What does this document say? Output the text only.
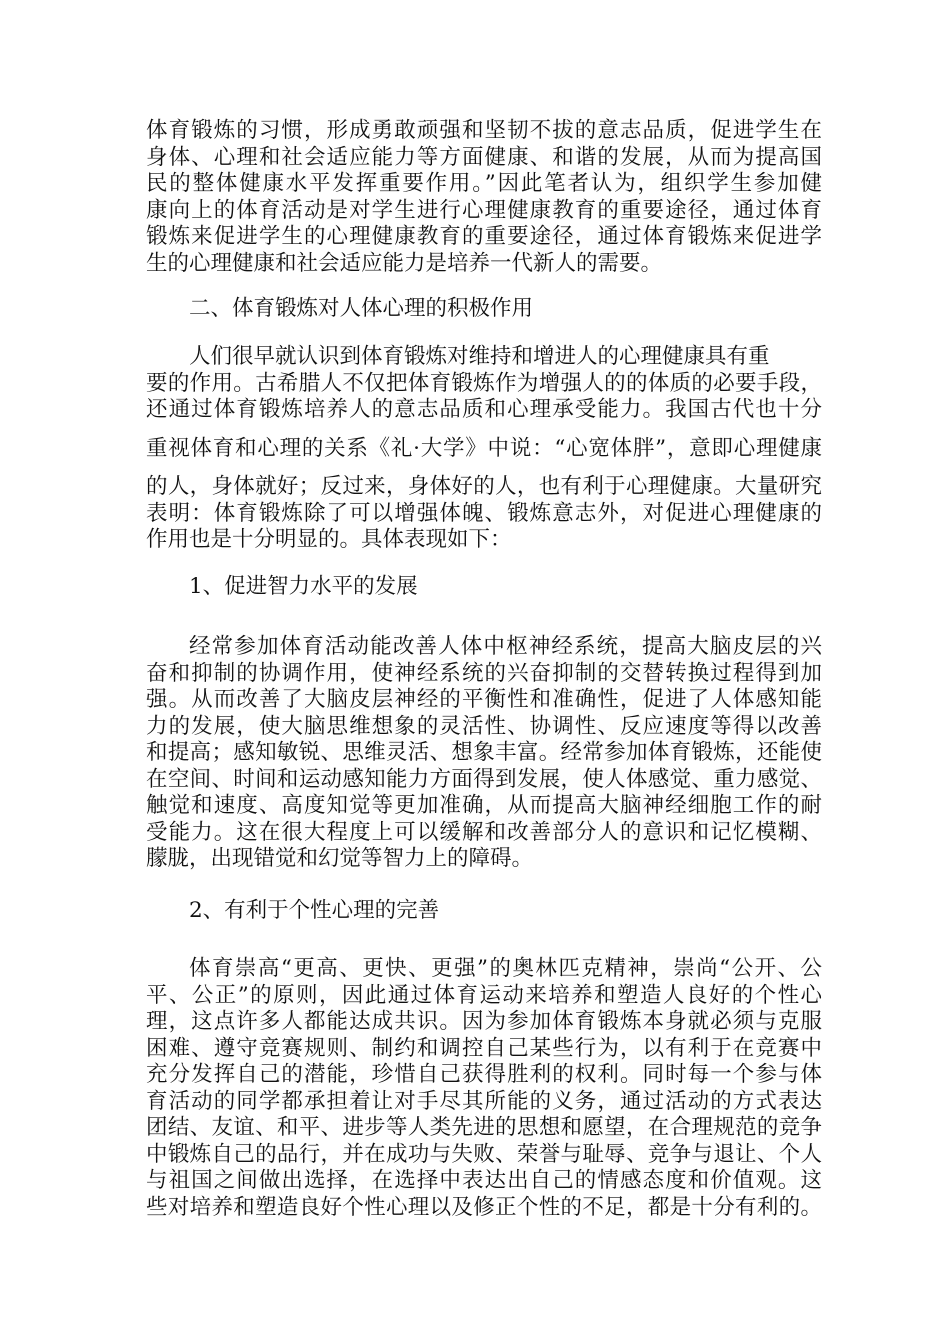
体育锻炼的习惯，形成勇敢顽强和坚韧不拔的意志品质，促进学生在
身体、心理和社会适应能力等方面健康、和谐的发展，从而为提高国
民的整体健康水平发挥重要作用。”因此笔者认为，组织学生参加健
康向上的体育活动是对学生进行心理健康教育的重要途径，通过体育
锻炼来促进学生的心理健康教育的重要途径，通过体育锻炼来促进学
生的心理健康和社会适应能力是培养一代新人的需要。
二、体育锻炼对人体心理的积极作用
人们很早就认识到体育锻炼对维持和增进人的心理健康具有重
要的作用。古希腊人不仅把体育锻炼作为增强人的的体质的必要手段，
还通过体育锻炼培养人的意志品质和心理承受能力。我国古代也十分
重视体育和心理的关系《礼·大学》中说：“心宽体胖”，意即心理健康
的人，身体就好；反过来，身体好的人，也有利于心理健康。大量研究
表明：体育锻炼除了可以增强体魄、锻炼意志外，对促进心理健康的
作用也是十分明显的。具体表现如下：
1、促进智力水平的发展
经常参加体育活动能改善人体中枢神经系统，提高大脑皮层的兴
奋和抑制的协调作用，使神经系统的兴奋抑制的交替转换过程得到加
强。从而改善了大脑皮层神经的平衡性和准确性，促进了人体感知能
力的发展，使大脑思维想象的灵活性、协调性、反应速度等得以改善
和提高；感知敏锐、思维灵活、想象丰富。经常参加体育锻炼，还能使
在空间、时间和运动感知能力方面得到发展，使人体感觉、重力感觉、
触觉和速度、高度知觉等更加准确，从而提高大脑神经细胞工作的耐
受能力。这在很大程度上可以缓解和改善部分人的意识和记忆模糊、
朦胧，出现错觉和幻觉等智力上的障碍。
2、有利于个性心理的完善
体育崇高“更高、更快、更强”的奥林匹克精神，崇尚“公开、公
平、公正”的原则，因此通过体育运动来培养和塑造人良好的个性心
理，这点许多人都能达成共识。因为参加体育锻炼本身就必须与克服
困难、遵守竞赛规则、制约和调控自己某些行为，以有利于在竞赛中
充分发挥自己的潜能，珍惜自己获得胜利的权利。同时每一个参与体
育活动的同学都承担着让对手尽其所能的义务，通过活动的方式表达
团结、友谊、和平、进步等人类先进的思想和愿望，在合理规范的竞争
中锻炼自己的品行，并在成功与失败、荣誉与耻辱、竞争与退让、个人
与祖国之间做出选择，在选择中表达出自己的情感态度和价值观。这
些对培养和塑造良好个性心理以及修正个性的不足，都是十分有利的。
